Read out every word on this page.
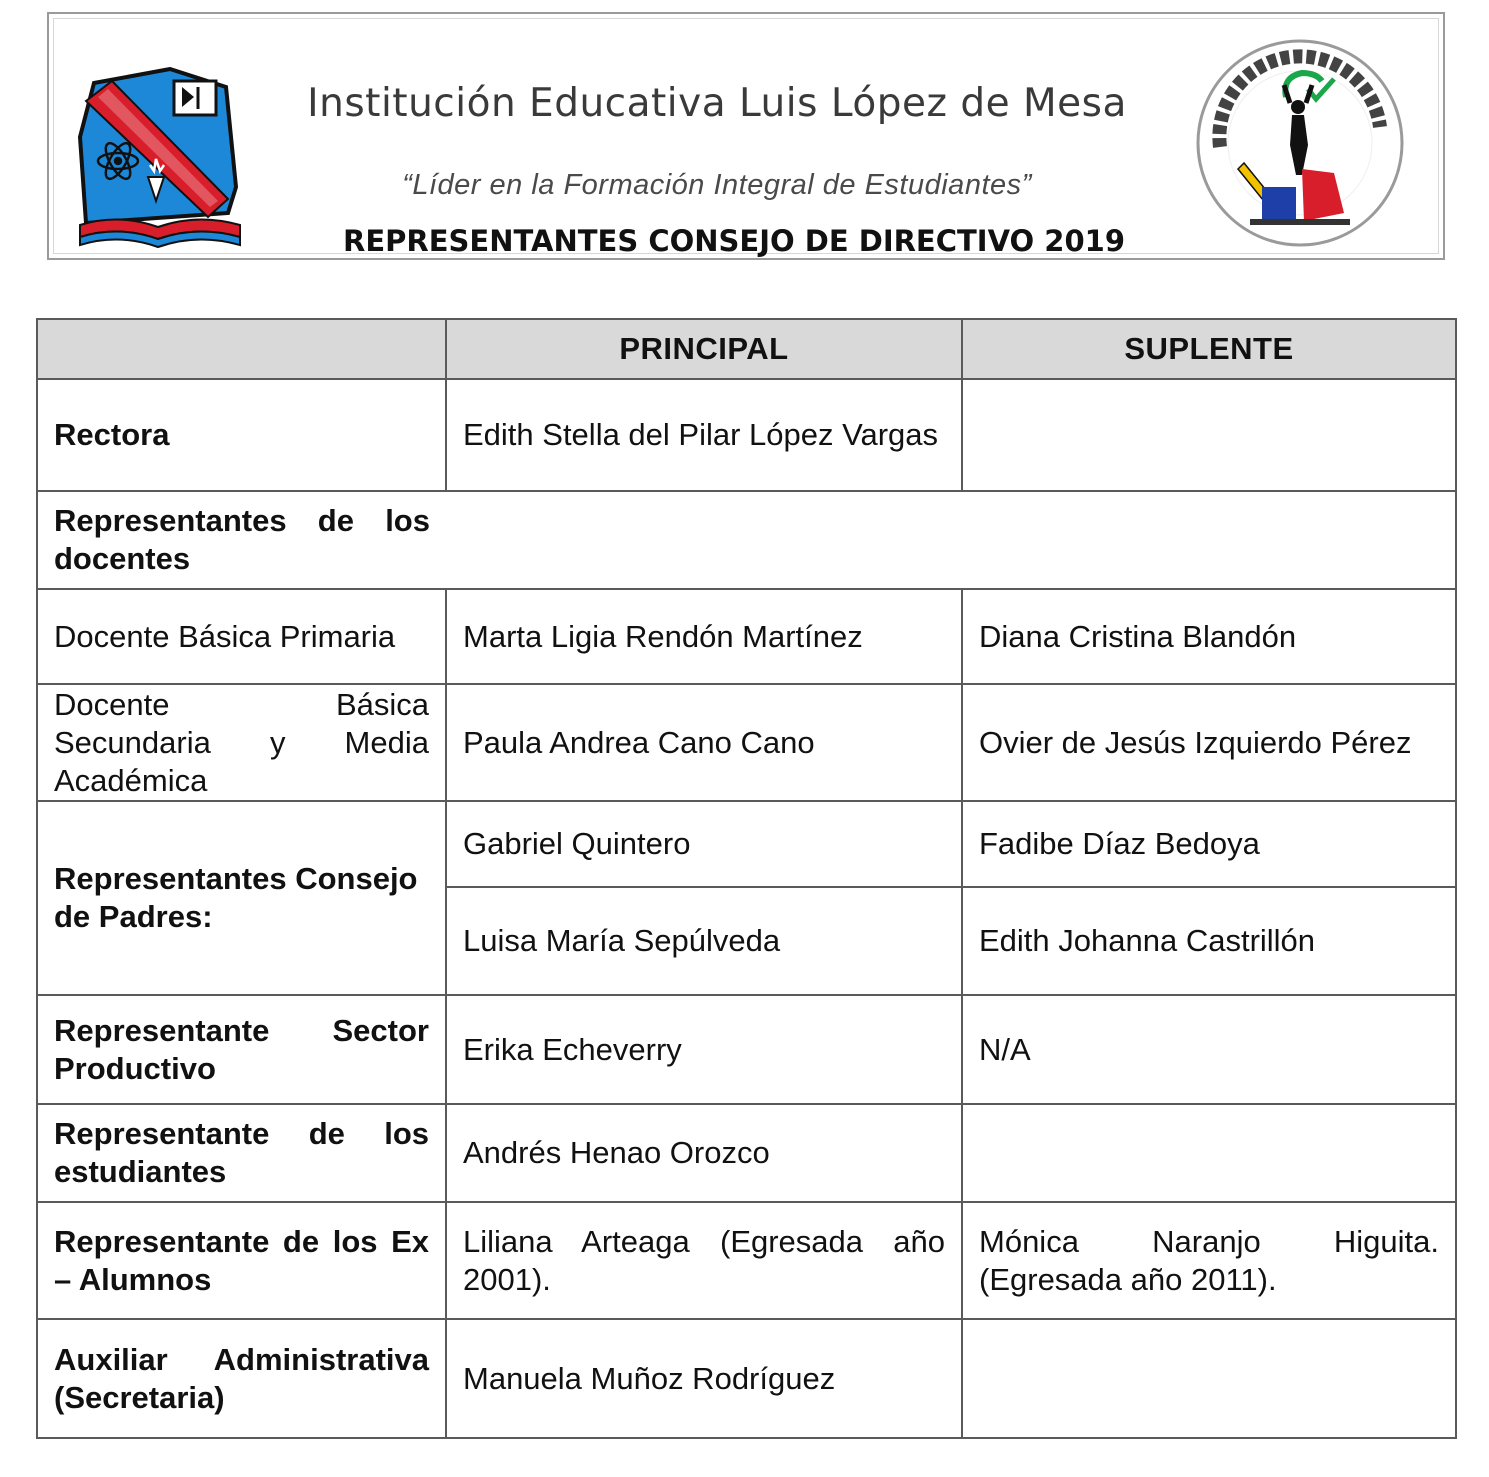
Institución Educativa Luis López de Mesa
“Líder en la Formación Integral de Estudiantes”
REPRESENTANTES CONSEJO DE DIRECTIVO 2019
	PRINCIPAL	SUPLENTE
Rectora	Edith Stella del Pilar López Vargas	

Representantes de los docentes		
Docente Básica Primaria	Marta Ligia Rendón Martínez	Diana Cristina Blandón
Docente Básica Secundaria y Media Académica	Paula Andrea Cano Cano	Ovier de Jesús Izquierdo Pérez
Representantes Consejo de Padres:	Gabriel Quintero	Fadibe Díaz Bedoya
	Luisa María Sepúlveda	Edith Johanna Castrillón
Representante Sector Productivo	Erika Echeverry	N/A
Representante de los estudiantes	Andrés Henao Orozco	
Representante de los Ex – Alumnos	Liliana Arteaga (Egresada año 2001).	Mónica Naranjo Higuita. (Egresada año 2011).
Auxiliar Administrativa (Secretaria)	Manuela Muñoz Rodríguez	
